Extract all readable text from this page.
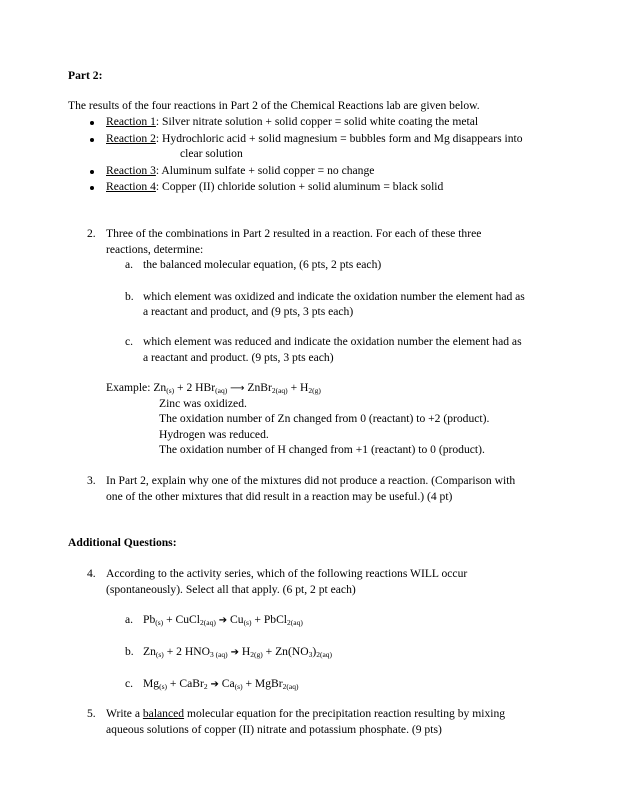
Part 2:
The results of the four reactions in Part 2 of the Chemical Reactions lab are given below.
Reaction 1: Silver nitrate solution + solid copper = solid white coating the metal
Reaction 2: Hydrochloric acid + solid magnesium = bubbles form and Mg disappears into
clear solution
Reaction 3: Aluminum sulfate + solid copper = no change
Reaction 4: Copper (II) chloride solution + solid aluminum = black solid
2. Three of the combinations in Part 2 resulted in a reaction. For each of these three
reactions, determine:
a. the balanced molecular equation, (6 pts, 2 pts each)
b. which element was oxidized and indicate the oxidation number the element had as
a reactant and product, and (9 pts, 3 pts each)
c. which element was reduced and indicate the oxidation number the element had as
a reactant and product. (9 pts, 3 pts each)
Example: $Zn_{(s)} + 2$ HBr$_{(aq)}$ ⟶ ZnBr$_{2(aq)}$ + $H_{2(g)}$
Zinc was oxidized.
The oxidation number of Zn changed from 0 (reactant) to +2 (product).
Hydrogen was reduced.
The oxidation number of H changed from +1 (reactant) to 0 (product).
3. In Part 2, explain why one of the mixtures did not produce a reaction. (Comparison with
one of the other mixtures that did result in a reaction may be useful.) (4 pt)
Additional Questions:
4. According to the activity series, which of the following reactions WILL occur
(spontaneously). Select all that apply. (6 pt, 2 pt each)
a. $Pb_{(s)}$ + CuCl$_{2(aq)}$ ➔ $Cu_{(s)}$ + PbCl$_{2(aq)}$
b. $Zn_{(s)} + 2$ $HNO_{3 (aq)}$ ➔ $H_{2(g)} + Zn(NO_3)_{2(aq)}$
c. $Mg_{(s)}$ + CaBr$_2$ ➔ $Ca_{(s)}$ + MgBr$_{2(aq)}$
5. Write a balanced molecular equation for the precipitation reaction resulting by mixing
aqueous solutions of copper (II) nitrate and potassium phosphate. (9 pts)
